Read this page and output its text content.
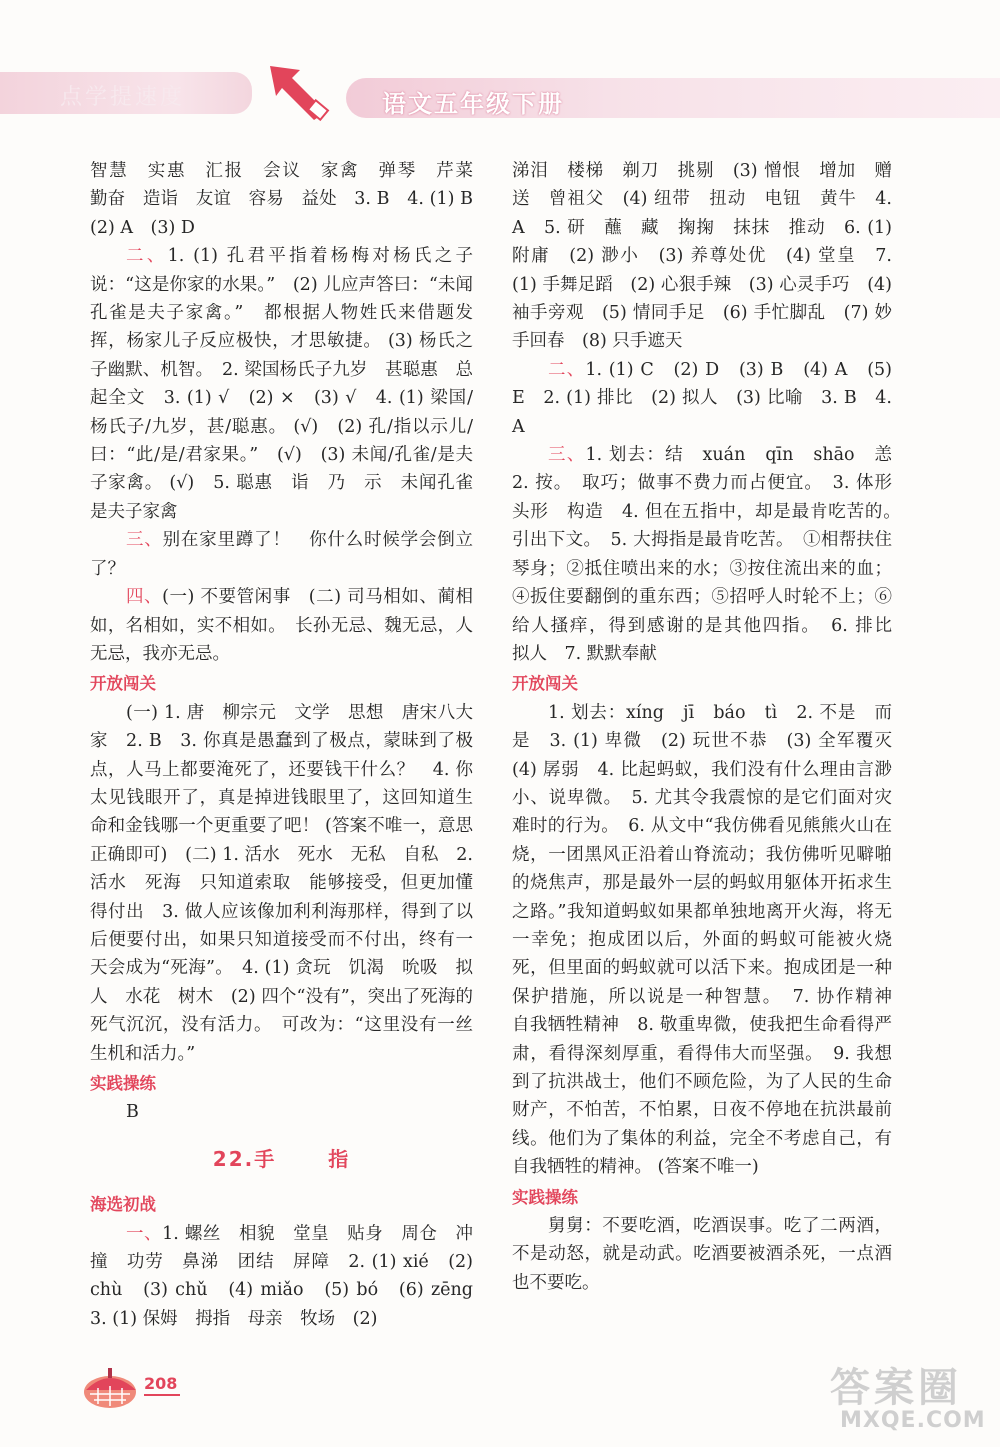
点学提速度	语文五年级下册

智慧　实惠　汇报　会议　家禽　弹琴　芹菜　勤奋　造诣　友谊　容易　益处　3. B　4. (1) B　(2) A　(3) D

二、1. (1) 孔君平指着杨梅对杨氏之子说：“这是你家的水果。”　(2) 儿应声答曰：“未闻孔雀是夫子家禽。”　都根据人物姓氏来借题发挥，杨家儿子反应极快，才思敏捷。 (3) 杨氏之子幽默、机智。　2. 梁国杨氏子九岁　甚聪惠　总起全文　3. (1) √　(2) ×　(3) √　4. (1) 梁国/杨氏子/九岁，甚/聪惠。 (√)　(2) 孔/指以示儿/曰：“此/是/君家果。”　(√)　(3) 未闻/孔雀/是夫子家禽。 (√)　5. 聪惠　诣　乃　示　未闻孔雀是夫子家禽

三、别在家里蹲了！　你什么时候学会倒立了？

四、(一) 不要管闲事　(二) 司马相如、蔺相如，名相如，实不相如。　长孙无忌、魏无忌，人无忌，我亦无忌。

开放闯关

(一) 1. 唐　柳宗元　文学　思想　唐宋八大家　2. B　3. 你真是愚蠢到了极点，蒙昧到了极点，人马上都要淹死了，还要钱干什么？　4. 你太见钱眼开了，真是掉进钱眼里了，这回知道生命和金钱哪一个更重要了吧！ (答案不唯一，意思正确即可)　(二) 1. 活水　死水　无私　自私　2. 活水　死海　只知道索取　能够接受，但更加懂得付出　3. 做人应该像加利利海那样，得到了以后便要付出，如果只知道接受而不付出，终有一天会成为“死海”。　4. (1) 贪玩　饥渴　吮吸　拟人　水花　树木　(2) 四个“没有”，突出了死海的死气沉沉，没有活力。　可改为：“这里没有一丝生机和活力。”

实践操练

B

22.手	指
海选初战

一、1. 螺丝　相貌　堂皇　贴身　周仓　冲撞　功劳　鼻涕　团结　屏障　2. (1) xié　(2) chù　(3) chǔ　(4) miǎo　(5) bó　(6) zēng　3. (1) 保姆　拇指　母亲　牧场　(2)

涕泪　楼梯　剃刀　挑剔　(3) 憎恨　增加　赠送　曾祖父　(4) 纽带　扭动　电钮　黄牛　4. A　5. 研　蘸　藏　掬掬　抹抹　推动　6. (1) 附庸　(2) 渺小　(3) 养尊处优　(4) 堂皇　7. (1) 手舞足蹈　(2) 心狠手辣　(3) 心灵手巧　(4) 袖手旁观　(5) 情同手足　(6) 手忙脚乱　(7) 妙手回春　(8) 只手遮天

二、1. (1) C　(2) D　(3) B　(4) A　(5) E　2. (1) 排比　(2) 拟人　(3) 比喻　3. B　4. A

三、1. 划去：结　xuán　qīn　shāo　恙　2. 按。　取巧；做事不费力而占便宜。　3. 体形　头形　构造　4. 但在五指中，却是最肯吃苦的。　引出下文。　5. 大拇指是最肯吃苦。　①相帮扶住琴身；②抵住喷出来的水；③按住流出来的血；④扳住要翻倒的重东西；⑤招呼人时轮不上；⑥给人搔痒，得到感谢的是其他四指。　6. 排比　拟人　7. 默默奉献

开放闯关

1. 划去：xíng　jī　báo　tì　2. 不是　而是　3. (1) 卑微　(2) 玩世不恭　(3) 全军覆灭　(4) 孱弱　4. 比起蚂蚁，我们没有什么理由言渺小、说卑微。　5. 尤其令我震惊的是它们面对灾难时的行为。　6. 从文中“我仿佛看见熊熊火山在烧，一团黑风正沿着山脊流动；我仿佛听见噼啪的烧焦声，那是最外一层的蚂蚁用躯体开拓求生之路。”我知道蚂蚁如果都单独地离开火海，将无一幸免；抱成团以后，外面的蚂蚁可能被火烧死，但里面的蚂蚁就可以活下来。抱成团是一种保护措施，所以说是一种智慧。　7. 协作精神　自我牺牲精神　8. 敬重卑微，使我把生命看得严肃，看得深刻厚重，看得伟大而坚强。　9. 我想到了抗洪战士，他们不顾危险，为了人民的生命财产，不怕苦，不怕累，日夜不停地在抗洪最前线。他们为了集体的利益，完全不考虑自己，有自我牺牲的精神。 (答案不唯一)

实践操练

舅舅：不要吃酒，吃酒误事。吃了二两酒，不是动怒，就是动武。吃酒要被酒杀死，一点酒也不要吃。

208	答案圈
MXQE.COM
